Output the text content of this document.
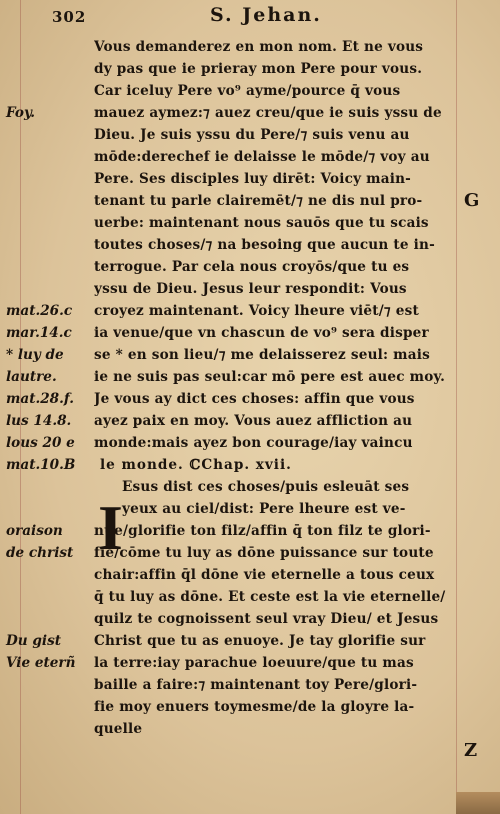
302	S. Jehan.
Vous demanderez en mon nom. Et ne vous
dy pas que ie prieray mon Pere pour vous.
Car iceluy Pere vo⁹ ayme/pource q̄ vous
mauez aymez:⁊ auez creu/que ie suis yssu de
Dieu. Je suis yssu du Pere/⁊ suis venu au
mōde:derechef ie delaisse le mōde/⁊ voy au
Pere. Ses disciples luy dirēt: Voicy main-
tenant tu parle clairemēt/⁊ ne dis nul pro-
uerbe: maintenant nous sauōs que tu scais
toutes choses/⁊ na besoing que aucun te in-
terrogue. Par cela nous croyōs/que tu es
yssu de Dieu. Jesus leur respondit: Vous
croyez maintenant. Voicy lheure viēt/⁊ est
ia venue/que vn chascun de vo⁹ sera disper
se * en son lieu/⁊ me delaisserez seul: mais
ie ne suis pas seul:car mō pere est auec moy.
Je vous ay dict ces choses: affin que vous
ayez paix en moy. Vous auez affliction au
monde:mais ayez bon courage/iay vaincu
le monde. ℂChap. xvii.
Esus dist ces choses/puis esleuāt ses
yeux au ciel/dist: Pere lheure est ve-
nue/glorifie ton filz/affin q̄ ton filz te glori-
fie/cōme tu luy as dōne puissance sur toute
chair:affin q̄l dōne vie eternelle a tous ceux
q̄ tu luy as dōne. Et ceste est la vie eternelle/
quilz te cognoissent seul vray Dieu/ et Jesus
Christ que tu as enuoye. Je tay glorifie sur
la terre:iay parachue loeuure/que tu mas
baille a faire:⁊ maintenant toy Pere/glori-
fie moy enuers toymesme/de la gloyre la-
quelle
I
Foy.
mat.26.c
mar.14.c
* luy de
lautre.
mat.28.f.
lus 14.8.
lous 20 e
mat.10.B
oraison
de christ
Du gist
Vie eterñ
G
Z
